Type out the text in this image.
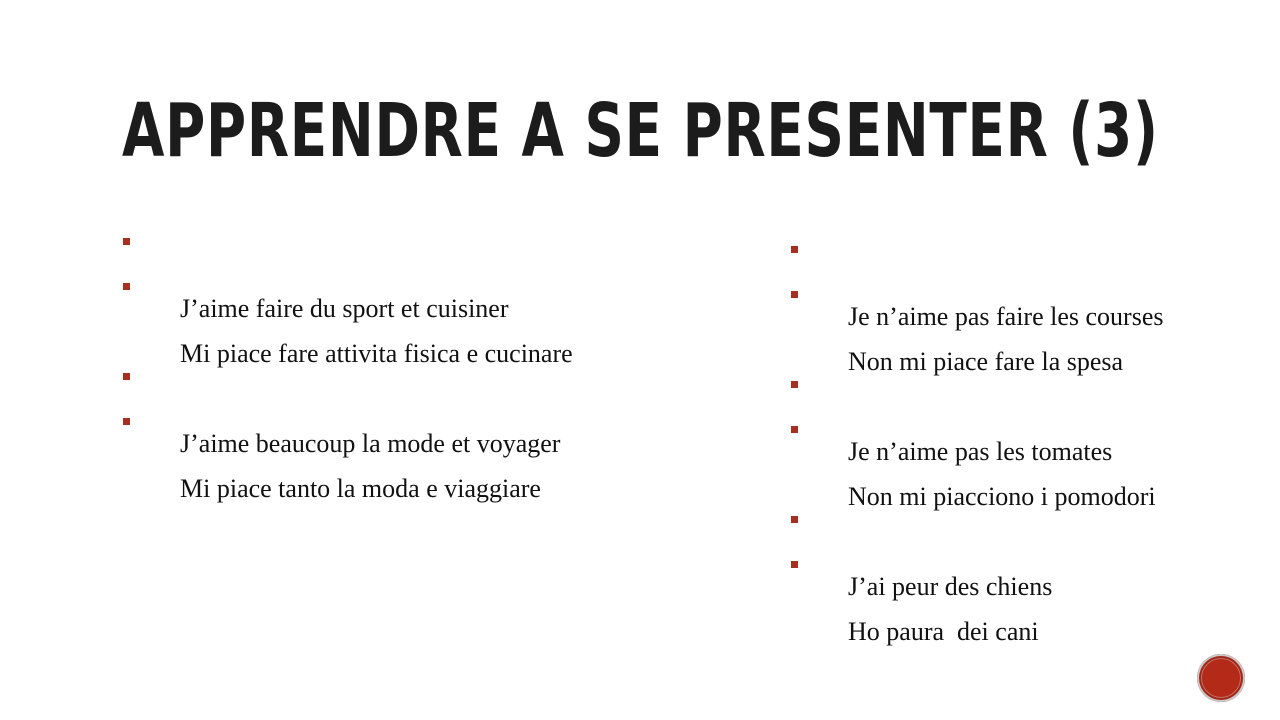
APPRENDRE A SE PRESENTER (3)

J’aime faire du sport et cuisiner

Mi piace fare attivita fisica e cucinare

J’aime beaucoup la mode et voyager

Mi piace tanto la moda e viaggiare

Je n’aime pas faire les courses

Non mi piace fare la spesa

Je n’aime pas les tomates

Non mi piacciono i pomodori

J’ai peur des chiens

Ho paura  dei cani
